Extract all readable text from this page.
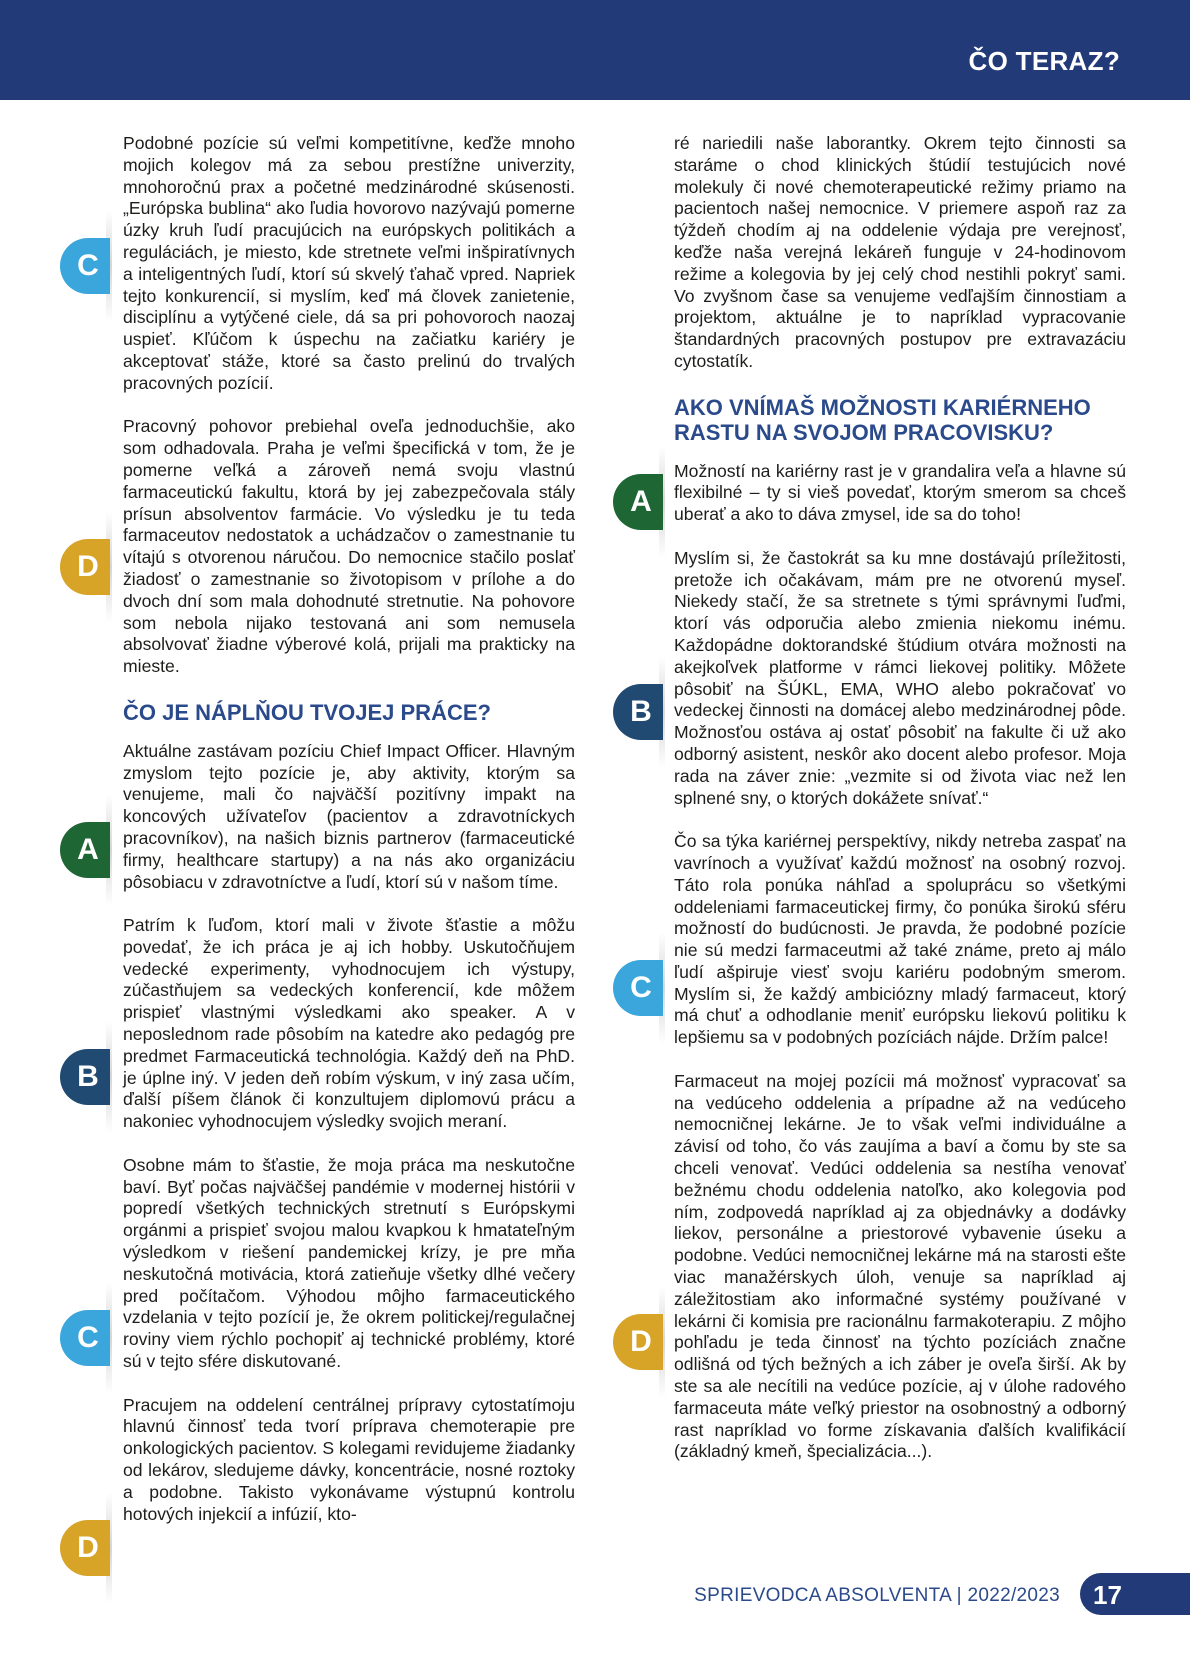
ČO TERAZ?

Podobné pozície sú veľmi kompetitívne, keďže mnoho mojich kolegov má za sebou prestížne univerzity, mnohoročnú prax a početné medzinárodné skúsenosti. „Európska bublina“ ako ľudia hovorovo nazývajú pomerne úzky kruh ľudí pracujúcich na európskych politikách a reguláciách, je miesto, kde stretnete veľmi inšpiratívnych a inteligentných ľudí, ktorí sú skvelý ťahač vpred. Napriek tejto konkurencií, si myslím, keď má človek zanietenie, disciplínu a vytýčené ciele, dá sa pri pohovoroch naozaj uspieť. Kľúčom k úspechu na začiatku kariéry je akceptovať stáže, ktoré sa často prelinú do trvalých pracovných pozícií.

Pracovný pohovor prebiehal oveľa jednoduchšie, ako som odhadovala. Praha je veľmi špecifická v tom, že je pomerne veľká a zároveň nemá svoju vlastnú farmaceutickú fakultu, ktorá by jej zabezpečovala stály prísun absolventov farmácie. Vo výsledku je tu teda farmaceutov nedostatok a uchádzačov o zamestnanie tu vítajú s otvorenou náručou. Do nemocnice stačilo poslať žiadosť o zamestnanie so životopisom v prílohe a do dvoch dní som mala dohodnuté stretnutie. Na pohovore som nebola nijako testovaná ani som nemusela absolvovať žiadne výberové kolá, prijali ma prakticky na mieste.

ČO JE NÁPLŇOU TVOJEJ PRÁCE?

Aktuálne zastávam pozíciu Chief Impact Officer. Hlavným zmyslom tejto pozície je, aby aktivity, ktorým sa venujeme, mali čo najväčší pozitívny impakt na koncových užívateľov (pacientov a zdravotníckych pracovníkov), na našich biznis partnerov (farmaceutické firmy, healthcare startupy) a na nás ako organizáciu pôsobiacu v zdravotníctve a ľudí, ktorí sú v našom tíme.

Patrím k ľuďom, ktorí mali v živote šťastie a môžu povedať, že ich práca je aj ich hobby. Uskutočňujem vedecké experimenty, vyhodnocujem ich výstupy, zúčastňujem sa vedeckých konferencií, kde môžem prispieť vlastnými výsledkami ako speaker. A v neposlednom rade pôsobím na katedre ako pedagóg pre predmet Farmaceutická technológia. Každý deň na PhD. je úplne iný. V jeden deň robím výskum, v iný zasa učím, ďalší píšem článok či konzultujem diplomovú prácu a nakoniec vyhodnocujem výsledky svojich meraní.

Osobne mám to šťastie, že moja práca ma neskutočne baví. Byť počas najväčšej pandémie v modernej histórii v popredí všetkých technických stretnutí s Európskymi orgánmi a prispieť svojou malou kvapkou k hmatateľným výsledkom v riešení pandemickej krízy, je pre mňa neskutočná motivácia, ktorá zatieňuje všetky dlhé večery pred počítačom. Výhodou môjho farmaceutického vzdelania v tejto pozícií je, že okrem politickej/regulačnej roviny viem rýchlo pochopiť aj technické problémy, ktoré sú v tejto sfére diskutované.

Pracujem na oddelení centrálnej prípravy cytostatímoju hlavnú činnosť teda tvorí príprava chemoterapie pre onkologických pacientov. S kolegami revidujeme žiadanky od lekárov, sledujeme dávky, koncentrácie, nosné roztoky a podobne. Takisto vykonávame výstupnú kontrolu hotových injekcií a infúzií, kto-

ré nariedili naše laborantky. Okrem tejto činnosti sa staráme o chod klinických štúdií testujúcich nové molekuly či nové chemoterapeutické režimy priamo na pacientoch našej nemocnice. V priemere aspoň raz za týždeň chodím aj na oddelenie výdaja pre verejnosť, keďže naša verejná lekáreň funguje v 24-hodinovom režime a kolegovia by jej celý chod nestihli pokryť sami. Vo zvyšnom čase sa venujeme vedľajším činnostiam a projektom, aktuálne je to napríklad vypracovanie štandardných pracovných postupov pre extravazáciu cytostatík.

AKO VNÍMAŠ MOŽNOSTI KARIÉRNEHO RASTU NA SVOJOM PRACOVISKU?

Možností na kariérny rast je v grandalira veľa a hlavne sú flexibilné – ty si vieš povedať, ktorým smerom sa chceš uberať a ako to dáva zmysel, ide sa do toho!

Myslím si, že častokrát sa ku mne dostávajú príležitosti, pretože ich očakávam, mám pre ne otvorenú myseľ. Niekedy stačí, že sa stretnete s tými správnymi ľuďmi, ktorí vás odporučia alebo zmienia niekomu inému. Každopádne doktorandské štúdium otvára možnosti na akejkoľvek platforme v rámci liekovej politiky. Môžete pôsobiť na ŠÚKL, EMA, WHO alebo pokračovať vo vedeckej činnosti na domácej alebo medzinárodnej pôde. Možnosťou ostáva aj ostať pôsobiť na fakulte či už ako odborný asistent, neskôr ako docent alebo profesor. Moja rada na záver znie: „vezmite si od života viac než len splnené sny, o ktorých dokážete snívať.“

Čo sa týka kariérnej perspektívy, nikdy netreba zaspať na vavrínoch a využívať každú možnosť na osobný rozvoj. Táto rola ponúka náhľad a spoluprácu so všetkými oddeleniami farmaceutickej firmy, čo ponúka širokú sféru možností do budúcnosti. Je pravda, že podobné pozície nie sú medzi farmaceutmi až také známe, preto aj málo ľudí ašpiruje viesť svoju kariéru podobným smerom. Myslím si, že každý ambiciózny mladý farmaceut, ktorý má chuť a odhodlanie meniť európsku liekovú politiku k lepšiemu sa v podobných pozíciách nájde. Držím palce!

Farmaceut na mojej pozícii má možnosť vypracovať sa na vedúceho oddelenia a prípadne až na vedúceho nemocničnej lekárne. Je to však veľmi individuálne a závisí od toho, čo vás zaujíma a baví a čomu by ste sa chceli venovať. Vedúci oddelenia sa nestíha venovať bežnému chodu oddelenia natoľko, ako kolegovia pod ním, zodpovedá napríklad aj za objednávky a dodávky liekov, personálne a priestorové vybavenie úseku a podobne. Vedúci nemocničnej lekárne má na starosti ešte viac manažérskych úloh, venuje sa napríklad aj záležitostiam ako informačné systémy používané v lekárni či komisia pre racionálnu farmakoterapiu. Z môjho pohľadu je teda činnosť na týchto pozíciách značne odlišná od tých bežných a ich záber je oveľa širší. Ak by ste sa ale necítili na vedúce pozície, aj v úlohe radového farmaceuta máte veľký priestor na osobnostný a odborný rast napríklad vo forme získavania ďalších kvalifikácií (základný kmeň, špecializácia...).

C
D
A
B
C
D
A
B
C
D
SPRIEVODCA ABSOLVENTA | 2022/2023 17
